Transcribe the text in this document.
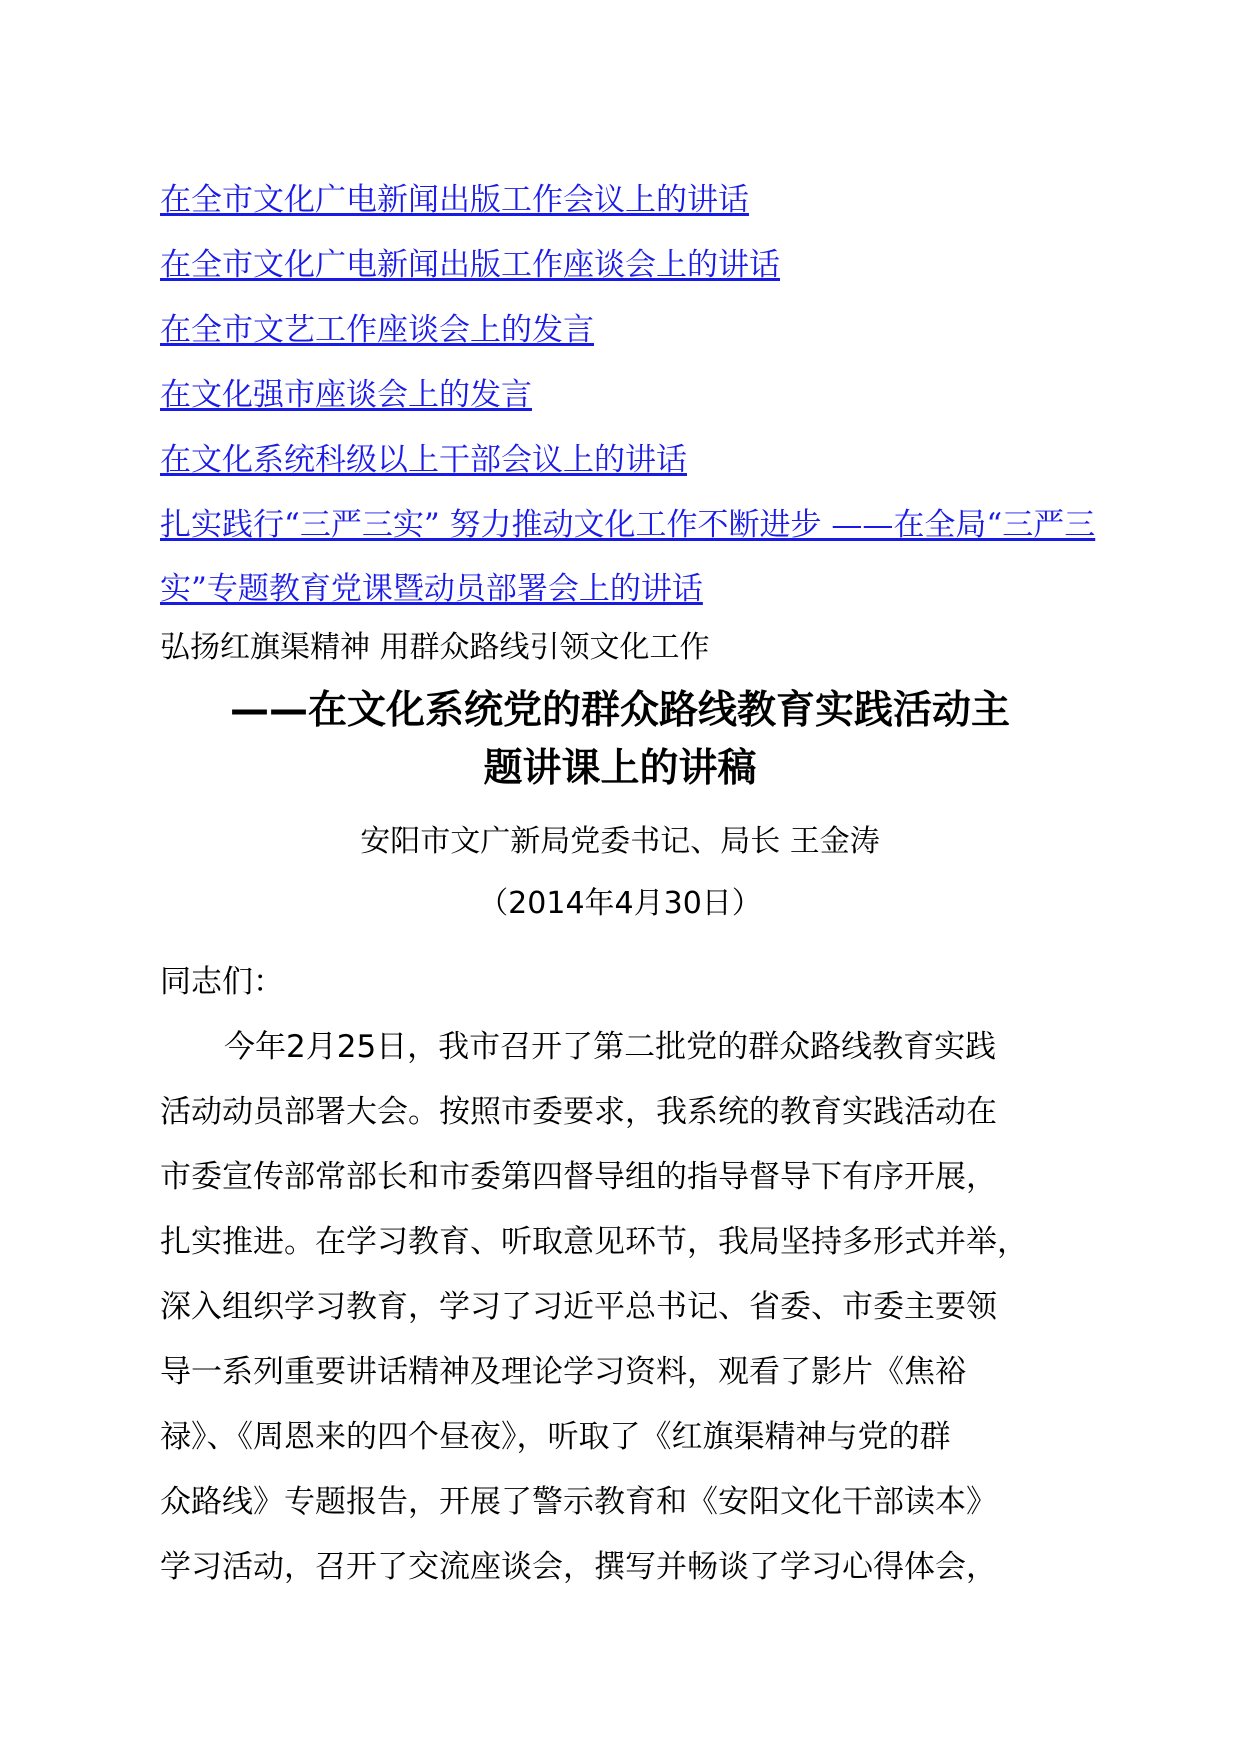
在全市文化广电新闻出版工作会议上的讲话
在全市文化广电新闻出版工作座谈会上的讲话
在全市文艺工作座谈会上的发言
在文化强市座谈会上的发言
在文化系统科级以上干部会议上的讲话
扎实践行“三严三实” 努力推动文化工作不断进步 ——在全局“三严三实”专题教育党课暨动员部署会上的讲话
弘扬红旗渠精神 用群众路线引领文化工作
——在文化系统党的群众路线教育实践活动主
题讲课上的讲稿
安阳市文广新局党委书记、局长 王金涛
（2014年4月30日）
同志们：

今年2月25日，我市召开了第二批党的群众路线教育实践

活动动员部署大会。按照市委要求，我系统的教育实践活动在

市委宣传部常部长和市委第四督导组的指导督导下有序开展，

扎实推进。在学习教育、听取意见环节，我局坚持多形式并举，

深入组织学习教育，学习了习近平总书记、省委、市委主要领

导一系列重要讲话精神及理论学习资料，观看了影片《焦裕

禄》、《周恩来的四个昼夜》，听取了《红旗渠精神与党的群

众路线》专题报告，开展了警示教育和《安阳文化干部读本》

学习活动，召开了交流座谈会，撰写并畅谈了学习心得体会，
